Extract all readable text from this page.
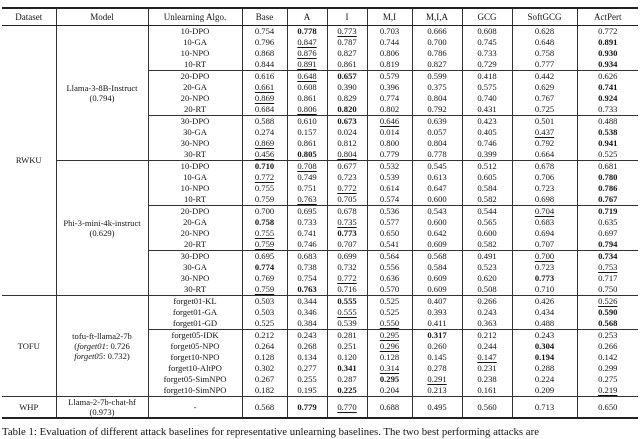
Dataset	Model	Unlearning Algo.	Base	A	I	M,I	M,I,A	GCG	SoftGCG	ActPert
RWKU	Llama-3-8B-Instruct
(0.794)	10-DPO	0.754	0.778	0.773	0.703	0.666	0.608	0.628	0.772
		10-GA	0.796	0.847	0.787	0.744	0.700	0.745	0.648	0.891
		10-NPO	0.868	0.876	0.827	0.806	0.786	0.733	0.758	0.930
		10-RT	0.844	0.891	0.861	0.819	0.827	0.729	0.777	0.934
		20-DPO	0.616	0.648	0.657	0.579	0.599	0.418	0.442	0.626
		20-GA	0.661	0.608	0.390	0.396	0.375	0.575	0.629	0.741
		20-NPO	0.869	0.861	0.829	0.774	0.804	0.740	0.767	0.924
		20-RT	0.684	0.806	0.820	0.802	0.792	0.431	0.725	0.733
		30-DPO	0.588	0.610	0.673	0.646	0.639	0.423	0.501	0.488
		30-GA	0.274	0.157	0.024	0.014	0.057	0.405	0.437	0.538
		30-NPO	0.869	0.861	0.812	0.800	0.804	0.746	0.792	0.941
		30-RT	0.456	0.805	0.804	0.779	0.778	0.399	0.664	0.525

	Phi-3-mini-4k-instruct
(0.629)	10-DPO	0.710	0.708	0.677	0.532	0.545	0.512	0.678	0.681
		10-GA	0.772	0.749	0.723	0.539	0.613	0.605	0.706	0.780
		10-NPO	0.755	0.751	0.772	0.614	0.647	0.584	0.723	0.786
		10-RT	0.759	0.763	0.705	0.574	0.600	0.582	0.698	0.767
		20-DPO	0.700	0.695	0.678	0.536	0.543	0.544	0.704	0.719
		20-GA	0.758	0.733	0.735	0.577	0.600	0.565	0.683	0.635
		20-NPO	0.755	0.741	0.773	0.650	0.642	0.600	0.694	0.697
		20-RT	0.759	0.746	0.707	0.541	0.609	0.582	0.707	0.794
		30-DPO	0.695	0.683	0.699	0.564	0.568	0.491	0.700	0.734
		30-GA	0.774	0.738	0.732	0.556	0.584	0.523	0.723	0.753
		30-NPO	0.769	0.754	0.772	0.636	0.609	0.620	0.773	0.717
		30-RT	0.759	0.763	0.716	0.570	0.609	0.508	0.710	0.750
TOFU	tofu-ft-llama2-7b
(forget01: 0.726
forget05: 0.732)	forget01-KL	0.503	0.344	0.555	0.525	0.407	0.266	0.426	0.526
		forget01-GA	0.503	0.346	0.555	0.525	0.393	0.243	0.434	0.590
		forget01-GD	0.525	0.384	0.539	0.550	0.411	0.363	0.488	0.568
		forget05-IDK	0.212	0.243	0.281	0.295	0.317	0.212	0.243	0.253
		forget05-NPO	0.264	0.268	0.251	0.296	0.260	0.244	0.304	0.266
		forget10-NPO	0.128	0.134	0.120	0.128	0.145	0.147	0.194	0.142
		forget10-AltPO	0.302	0.277	0.341	0.314	0.278	0.231	0.288	0.299
		forget05-SimNPO	0.267	0.255	0.287	0.295	0.291	0.238	0.224	0.275
		forget10-SimNPO	0.182	0.195	0.225	0.204	0.213	0.161	0.209	0.219
WHP	Llama-2-7b-chat-hf
(0.973)	-	0.568	0.779	0.770	0.688	0.495	0.560	0.713	0.650
Table 1: Evaluation of different attack baselines for representative unlearning baselines. The two best performing attacks are
